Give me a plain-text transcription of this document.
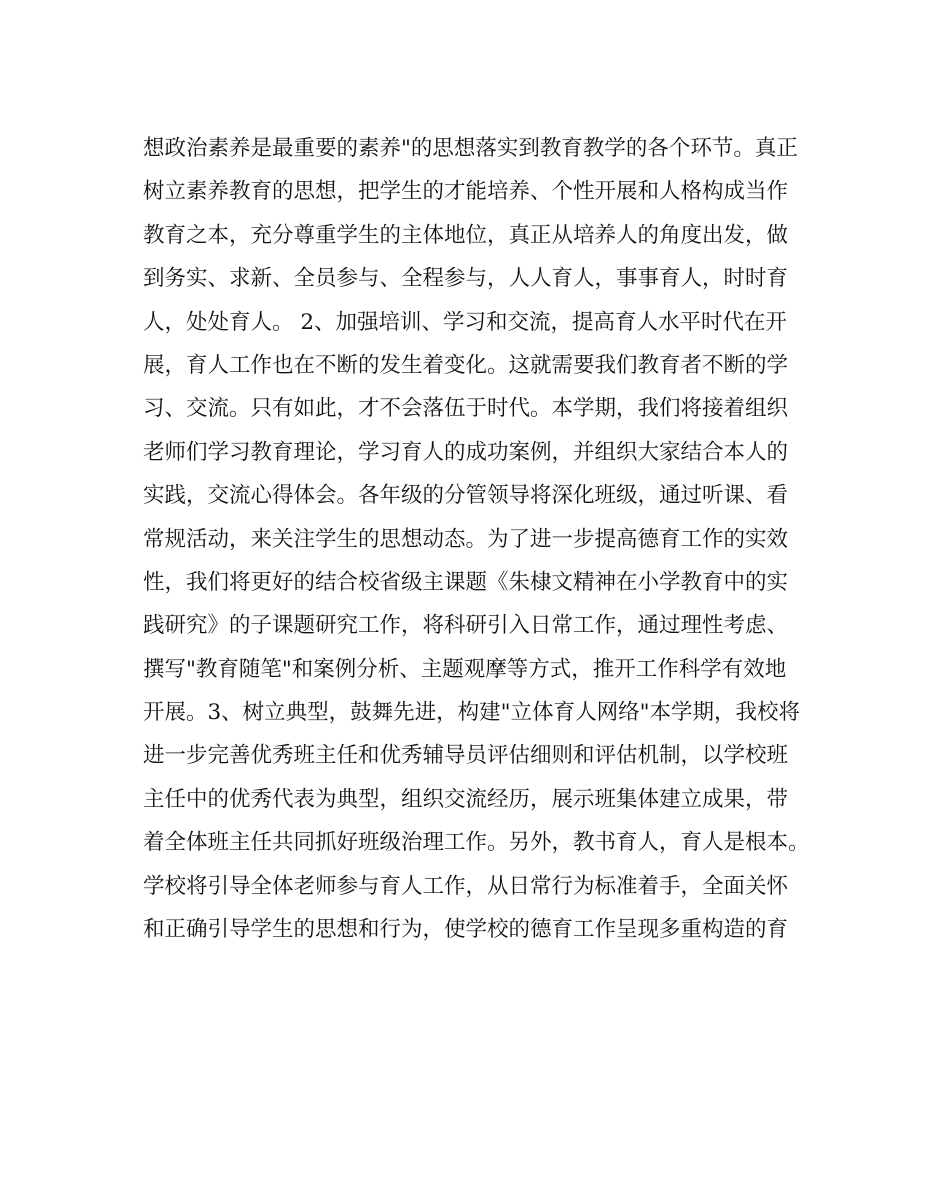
想政治素养是最重要的素养"的思想落实到教育教学的各个环节。真正
树立素养教育的思想，把学生的才能培养、个性开展和人格构成当作
教育之本，充分尊重学生的主体地位，真正从培养人的角度出发，做
到务实、求新、全员参与、全程参与，人人育人，事事育人，时时育
人，处处育人。 2、加强培训、学习和交流，提高育人水平时代在开
展，育人工作也在不断的发生着变化。这就需要我们教育者不断的学
习、交流。只有如此，才不会落伍于时代。本学期，我们将接着组织
老师们学习教育理论，学习育人的成功案例，并组织大家结合本人的
实践，交流心得体会。各年级的分管领导将深化班级，通过听课、看
常规活动，来关注学生的思想动态。为了进一步提高德育工作的实效
性，我们将更好的结合校省级主课题《朱棣文精神在小学教育中的实
践研究》的子课题研究工作，将科研引入日常工作，通过理性考虑、
撰写"教育随笔"和案例分析、主题观摩等方式，推开工作科学有效地
开展。3、树立典型，鼓舞先进，构建"立体育人网络"本学期，我校将
进一步完善优秀班主任和优秀辅导员评估细则和评估机制，以学校班
主任中的优秀代表为典型，组织交流经历，展示班集体建立成果，带
着全体班主任共同抓好班级治理工作。另外，教书育人，育人是根本。
学校将引导全体老师参与育人工作，从日常行为标准着手，全面关怀
和正确引导学生的思想和行为，使学校的德育工作呈现多重构造的育
